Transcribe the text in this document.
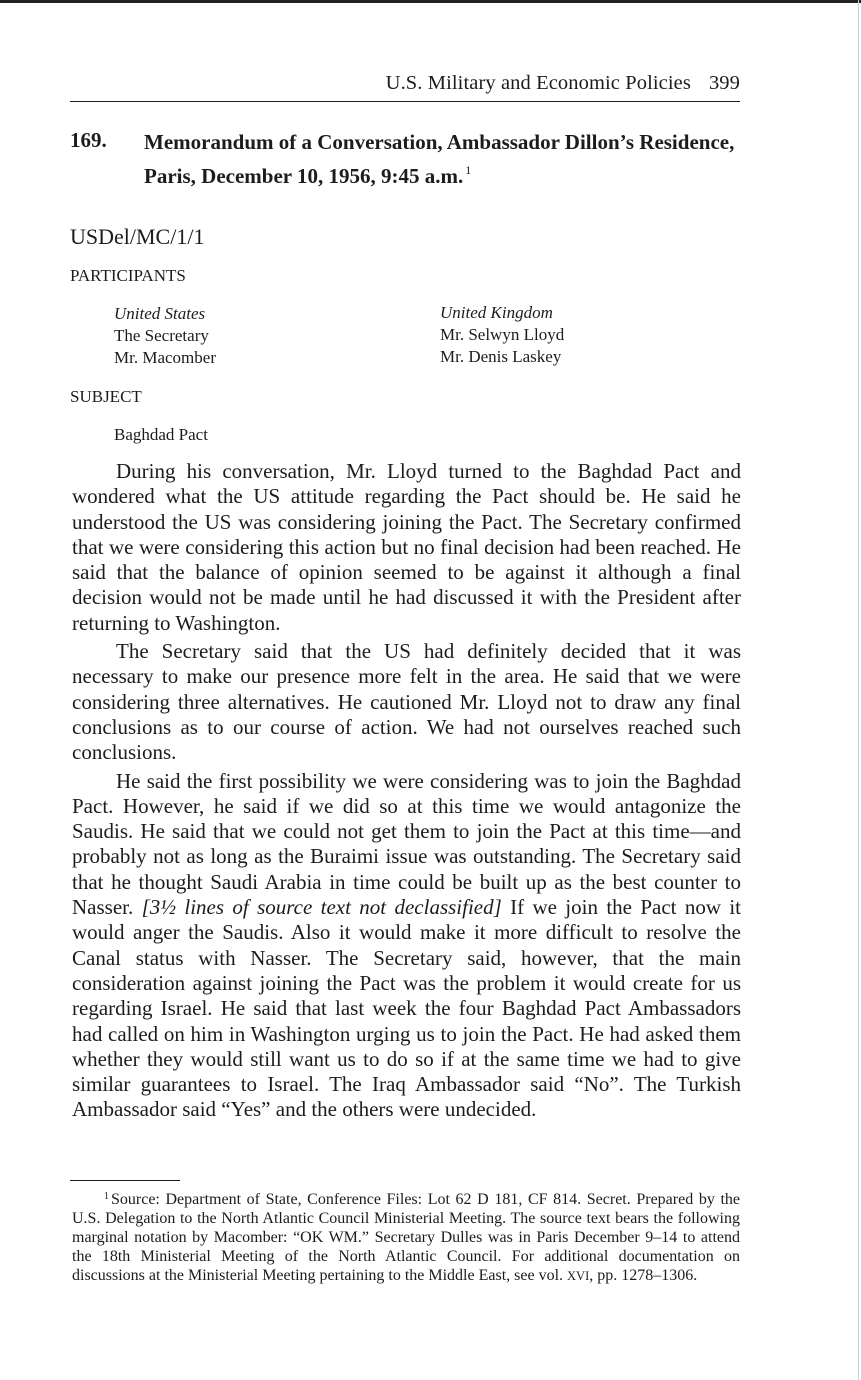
U.S. Military and Economic Policies 399
169. Memorandum of a Conversation, Ambassador Dillon’s Residence, Paris, December 10, 1956, 9:45 a.m. $^1$
USDel/MC/1/1
PARTICIPANTS
United States
The Secretary
Mr. Macomber
United Kingdom
Mr. Selwyn Lloyd
Mr. Denis Laskey
SUBJECT
Baghdad Pact

During his conversation, Mr. Lloyd turned to the Baghdad Pact and wondered what the US attitude regarding the Pact should be. He said he understood the US was considering joining the Pact. The Secretary confirmed that we were considering this action but no final decision had been reached. He said that the balance of opinion seemed to be against it although a final decision would not be made until he had discussed it with the President after returning to Washington.

The Secretary said that the US had definitely decided that it was necessary to make our presence more felt in the area. He said that we were considering three alternatives. He cautioned Mr. Lloyd not to draw any final conclusions as to our course of action. We had not ourselves reached such conclusions.

He said the first possibility we were considering was to join the Baghdad Pact. However, he said if we did so at this time we would antagonize the Saudis. He said that we could not get them to join the Pact at this time—and probably not as long as the Buraimi issue was outstanding. The Secretary said that he thought Saudi Arabia in time could be built up as the best counter to Nasser. [3½ lines of source text not declassified] If we join the Pact now it would anger the Saudis. Also it would make it more difficult to resolve the Canal status with Nasser. The Secretary said, however, that the main consideration against joining the Pact was the problem it would create for us regarding Israel. He said that last week the four Baghdad Pact Ambassadors had called on him in Washington urging us to join the Pact. He had asked them whether they would still want us to do so if at the same time we had to give similar guarantees to Israel. The Iraq Ambassador said “No”. The Turkish Ambassador said “Yes” and the others were undecided.

$^1$ Source: Department of State, Conference Files: Lot 62 D 181, CF 814. Secret. Prepared by the U.S. Delegation to the North Atlantic Council Ministerial Meeting. The source text bears the following marginal notation by Macomber: “OK WM.” Secretary Dulles was in Paris December 9–14 to attend the 18th Ministerial Meeting of the North Atlantic Council. For additional documentation on discussions at the Ministerial Meeting pertaining to the Middle East, see vol. XVI, pp. 1278–1306.
